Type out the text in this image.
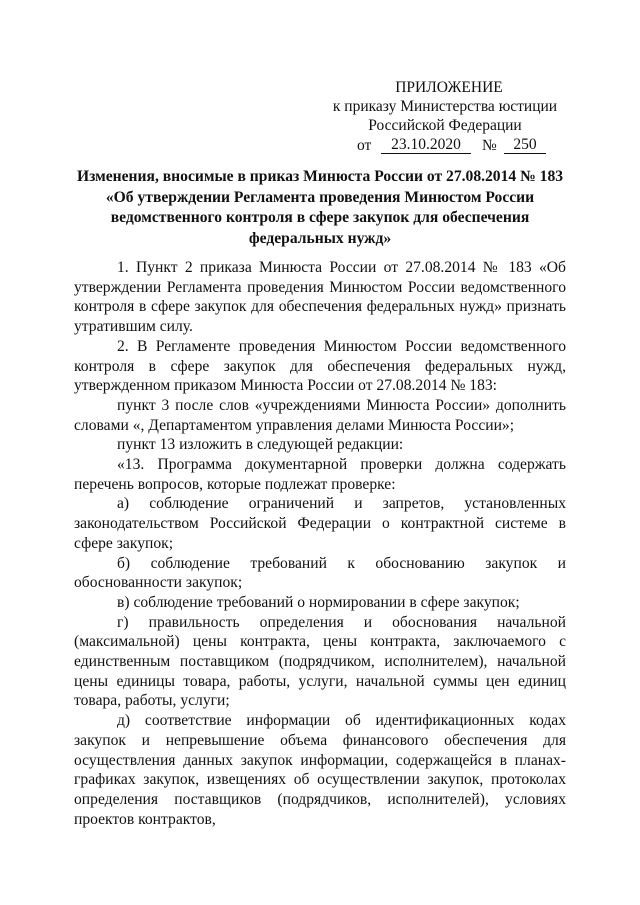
ПРИЛОЖЕНИЕ
к приказу Министерства юстиции
Российской Федерации
от	23.10.2020	№	250
Изменения, вносимые в приказ Минюста России от 27.08.2014 № 183
«Об утверждении Регламента проведения Минюстом России
ведомственного контроля в сфере закупок для обеспечения
федеральных нужд»

1. Пункт 2 приказа Минюста России от 27.08.2014 № 183 «Об утверждении Регламента проведения Минюстом России ведомственного контроля в сфере закупок для обеспечения федеральных нужд» признать утратившим силу.

2. В Регламенте проведения Минюстом России ведомственного контроля в сфере закупок для обеспечения федеральных нужд, утвержденном приказом Минюста России от 27.08.2014 № 183:

пункт 3 после слов «учреждениями Минюста России» дополнить словами «, Департаментом управления делами Минюста России»;

пункт 13 изложить в следующей редакции:

«13. Программа документарной проверки должна содержать перечень вопросов, которые подлежат проверке:

а) соблюдение ограничений и запретов, установленных законодательством Российской Федерации о контрактной системе в сфере закупок;

б) соблюдение требований к обоснованию закупок и обоснованности закупок;

в) соблюдение требований о нормировании в сфере закупок;

г) правильность определения и обоснования начальной (максимальной) цены контракта, цены контракта, заключаемого с единственным поставщиком (подрядчиком, исполнителем), начальной цены единицы товара, работы, услуги, начальной суммы цен единиц товара, работы, услуги;

д) соответствие информации об идентификационных кодах закупок и непревышение объема финансового обеспечения для осуществления данных закупок информации, содержащейся в планах-графиках закупок, извещениях об осуществлении закупок, протоколах определения поставщиков (подрядчиков, исполнителей), условиях проектов контрактов,
